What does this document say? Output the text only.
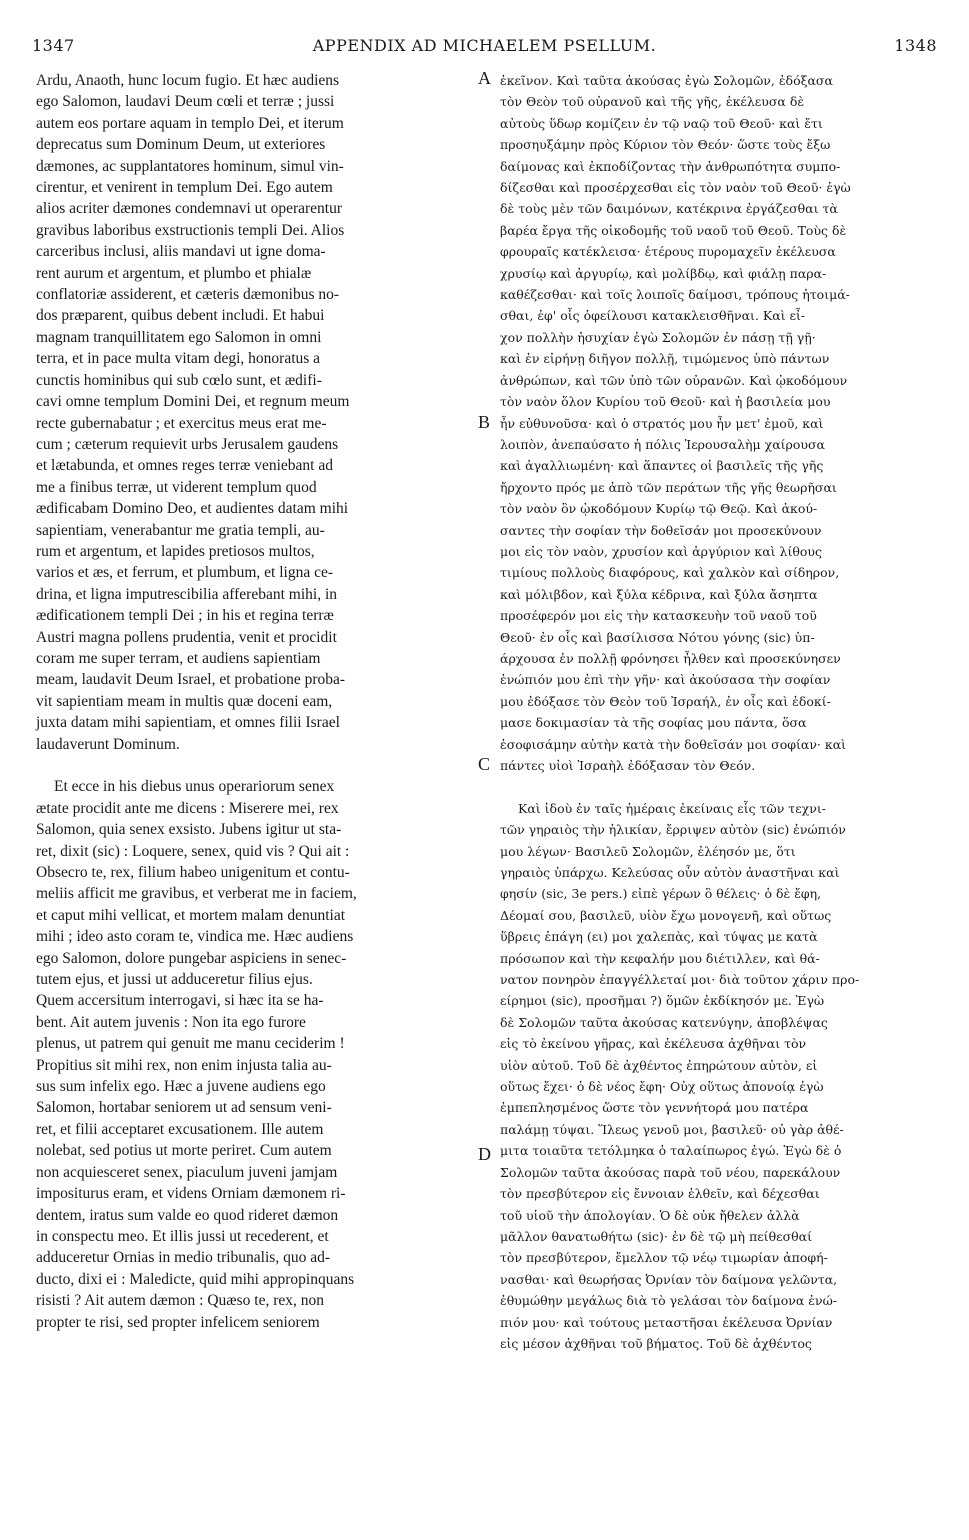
1347	APPENDIX AD MICHAELEM PSELLUM.	1348

Ardu, Anaoth, hunc locum fugio. Et hæc audiens
ego Salomon, laudavi Deum cœli et terræ ; jussi
autem eos portare aquam in templo Dei, et iterum
deprecatus sum Dominum Deum, ut exteriores
dæmones, ac supplantatores hominum, simul vin-
cirentur, et venirent in templum Dei. Ego autem
alios acriter dæmones condemnavi ut operarentur
gravibus laboribus exstructionis templi Dei. Alios
carceribus inclusi, aliis mandavi ut igne doma-
rent aurum et argentum, et plumbo et phialæ
conflatoriæ assiderent, et cæteris dæmonibus no-
dos præparent, quibus debent includi. Et habui
magnam tranquillitatem ego Salomon in omni
terra, et in pace multa vitam degi, honoratus a
cunctis hominibus qui sub cœlo sunt, et ædifi-
cavi omne templum Domini Dei, et regnum meum
recte gubernabatur ; et exercitus meus erat me-
cum ; cæterum requievit urbs Jerusalem gaudens
et lætabunda, et omnes reges terræ veniebant ad
me a finibus terræ, ut viderent templum quod
ædificabam Domino Deo, et audientes datam mihi
sapientiam, venerabantur me gratia templi, au-
rum et argentum, et lapides pretiosos multos,
varios et æs, et ferrum, et plumbum, et ligna ce-
drina, et ligna imputrescibilia afferebant mihi, in
ædificationem templi Dei ; in his et regina terræ
Austri magna pollens prudentia, venit et procidit
coram me super terram, et audiens sapientiam
meam, laudavit Deum Israel, et probatione proba-
vit sapientiam meam in multis quæ doceni eam,
juxta datam mihi sapientiam, et omnes filii Israel
laudaverunt Dominum.

Et ecce in his diebus unus operariorum senex
ætate procidit ante me dicens : Miserere mei, rex
Salomon, quia senex exsisto. Jubens igitur ut sta-
ret, dixit (sic) : Loquere, senex, quid vis ? Qui ait :
Obsecro te, rex, filium habeo unigenitum et contu-
meliis afficit me gravibus, et verberat me in faciem,
et caput mihi vellicat, et mortem malam denuntiat
mihi ; ideo asto coram te, vindica me. Hæc audiens
ego Salomon, dolore pungebar aspiciens in senec-
tutem ejus, et jussi ut adduceretur filius ejus.
Quem accersitum interrogavi, si hæc ita se ha-
bent. Ait autem juvenis : Non ita ego furore
plenus, ut patrem qui genuit me manu ceciderim !
Propitius sit mihi rex, non enim injusta talia au-
sus sum infelix ego. Hæc a juvene audiens ego
Salomon, hortabar seniorem ut ad sensum veni-
ret, et filii acceptaret excusationem. Ille autem
nolebat, sed potius ut morte periret. Cum autem
non acquiesceret senex, piaculum juveni jamjam
impositurus eram, et videns Orniam dæmonem ri-
dentem, iratus sum valde eo quod rideret dæmon
in conspectu meo. Et illis jussi ut recederent, et
adduceretur Ornias in medio tribunalis, quo ad-
ducto, dixi ei : Maledicte, quid mihi appropinquans
risisti ? Ait autem dæmon : Quæso te, rex, non
propter te risi, sed propter infelicem seniorem

A
B
C
D

ἐκεῖνον. Καὶ ταῦτα ἀκούσας ἐγὼ Σολομῶν, ἐδόξασα
τὸν Θεὸν τοῦ οὐρανοῦ καὶ τῆς γῆς, ἐκέλευσα δὲ
αὐτοὺς ὕδωρ κομίζειν ἐν τῷ ναῷ τοῦ Θεοῦ· καὶ ἔτι
προσηυξάμην πρὸς Κύριον τὸν Θεόν· ὥστε τοὺς ἔξω
δαίμονας καὶ ἐκποδίζοντας τὴν ἀνθρωπότητα συμπο-
δίζεσθαι καὶ προσέρχεσθαι εἰς τὸν ναὸν τοῦ Θεοῦ· ἐγὼ
δὲ τοὺς μὲν τῶν δαιμόνων, κατέκρινα ἐργάζεσθαι τὰ
βαρέα ἔργα τῆς οἰκοδομῆς τοῦ ναοῦ τοῦ Θεοῦ. Τοὺς δὲ
φρουραῖς κατέκλεισα· ἑτέρους πυρομαχεῖν ἐκέλευσα
χρυσίῳ καὶ ἀργυρίῳ, καὶ μολίβδῳ, καὶ φιάλῃ παρα-
καθέζεσθαι· καὶ τοῖς λοιποῖς δαίμοσι, τρόπους ἡτοιμά-
σθαι, ἐφ' οἷς ὀφείλουσι κατακλεισθῆναι. Καὶ εἶ-
χον πολλὴν ἡσυχίαν ἐγὼ Σολομῶν ἐν πάσῃ τῇ γῇ·
καὶ ἐν εἰρήνῃ διῆγον πολλῇ, τιμώμενος ὑπὸ πάντων
ἀνθρώπων, καὶ τῶν ὑπὸ τῶν οὐρανῶν. Καὶ ᾠκοδόμουν
τὸν ναὸν ὅλον Κυρίου τοῦ Θεοῦ· καὶ ἡ βασιλεία μου
ἦν εὐθυνοῦσα· καὶ ὁ στρατός μου ἦν μετ' ἐμοῦ, καὶ
λοιπὸν, ἀνεπαύσατο ἡ πόλις Ἱερουσαλὴμ χαίρουσα
καὶ ἀγαλλιωμένη· καὶ ἅπαντες οἱ βασιλεῖς τῆς γῆς
ἤρχοντο πρός με ἀπὸ τῶν περάτων τῆς γῆς θεωρῆσαι
τὸν ναὸν ὃν ᾠκοδόμουν Κυρίῳ τῷ Θεῷ. Καὶ ἀκού-
σαντες τὴν σοφίαν τὴν δοθεῖσάν μοι προσεκύνουν
μοι εἰς τὸν ναὸν, χρυσίον καὶ ἀργύριον καὶ λίθους
τιμίους πολλοὺς διαφόρους, καὶ χαλκὸν καὶ σίδηρον,
καὶ μόλιβδον, καὶ ξύλα κέδρινα, καὶ ξύλα ἄσηπτα
προσέφερόν μοι εἰς τὴν κατασκευὴν τοῦ ναοῦ τοῦ
Θεοῦ· ἐν οἷς καὶ βασίλισσα Νότου γόνης (sic) ὑπ-
άρχουσα ἐν πολλῇ φρόνησει ἦλθεν καὶ προσεκύνησεν
ἐνώπιόν μου ἐπὶ τὴν γῆν· καὶ ἀκούσασα τὴν σοφίαν
μου ἐδόξασε τὸν Θεὸν τοῦ Ἰσραήλ, ἐν οἷς καὶ ἐδοκί-
μασε δοκιμασίαν τὰ τῆς σοφίας μου πάντα, ὅσα
ἐσοφισάμην αὐτὴν κατὰ τὴν δοθεῖσάν μοι σοφίαν· καὶ
πάντες υἱοὶ Ἰσραὴλ ἐδόξασαν τὸν Θεόν.

Καὶ ἰδοὺ ἐν ταῖς ἡμέραις ἐκείναις εἷς τῶν τεχνι-
τῶν γηραιὸς τὴν ἡλικίαν, ἔρριψεν αὐτὸν (sic) ἐνώπιόν
μου λέγων· Βασιλεῦ Σολομῶν, ἐλέησόν με, ὅτι
γηραιὸς ὑπάρχω. Κελεύσας οὖν αὐτὸν ἀναστῆναι καὶ
φησίν (sic, 3e pers.) εἰπὲ γέρων ὃ θέλεις· ὁ δὲ ἔφη,
Δέομαί σου, βασιλεῦ, υἱὸν ἔχω μονογενῆ, καὶ οὕτως
ὕβρεις ἐπάγη (ει) μοι χαλεπὰς, καὶ τύψας με κατὰ
πρόσωπον καὶ τὴν κεφαλήν μου διέτιλλεν, καὶ θά-
νατον πονηρὸν ἐπαγγέλλεταί μοι· διὰ τοῦτον χάριν προ-
είρημοι (sic), προσῆμαι ?) ὅμῶν ἐκδίκησόν με. Ἐγὼ
δὲ Σολομῶν ταῦτα ἀκούσας κατενύγην, ἀποβλέψας
εἰς τὸ ἐκείνου γῆρας, καὶ ἐκέλευσα ἀχθῆναι τὸν
υἱὸν αὐτοῦ. Τοῦ δὲ ἀχθέντος ἐπηρώτουν αὐτὸν, εἰ
οὕτως ἔχει· ὁ δὲ νέος ἔφη· Οὐχ οὕτως ἀπονοίᾳ ἐγὼ
ἐμπεπλησμένος ὥστε τὸν γεννήτορά μου πατέρα
παλάμῃ τύψαι. Ἵλεως γενοῦ μοι, βασιλεῦ· οὐ γὰρ ἀθέ-
μιτα τοιαῦτα τετόλμηκα ὁ ταλαίπωρος ἐγώ. Ἐγὼ δὲ ὁ
Σολομῶν ταῦτα ἀκούσας παρὰ τοῦ νέου, παρεκάλουν
τὸν πρεσβύτερον εἰς ἔννοιαν ἐλθεῖν, καὶ δέχεσθαι
τοῦ υἱοῦ τὴν ἀπολογίαν. Ὁ δὲ οὐκ ἤθελεν ἀλλὰ
μᾶλλον θανατωθήτω (sic)· ἐν δὲ τῷ μὴ πείθεσθαί
τὸν πρεσβύτερον, ἔμελλον τῷ νέῳ τιμωρίαν ἀποφή-
νασθαι· καὶ θεωρήσας Ὀρνίαν τὸν δαίμονα γελῶντα,
ἐθυμώθην μεγάλως διὰ τὸ γελάσαι τὸν δαίμονα ἐνώ-
πιόν μου· καὶ τούτους μεταστῆσαι ἐκέλευσα Ὀρνίαν
εἰς μέσον ἀχθῆναι τοῦ βήματος. Τοῦ δὲ ἀχθέντος
